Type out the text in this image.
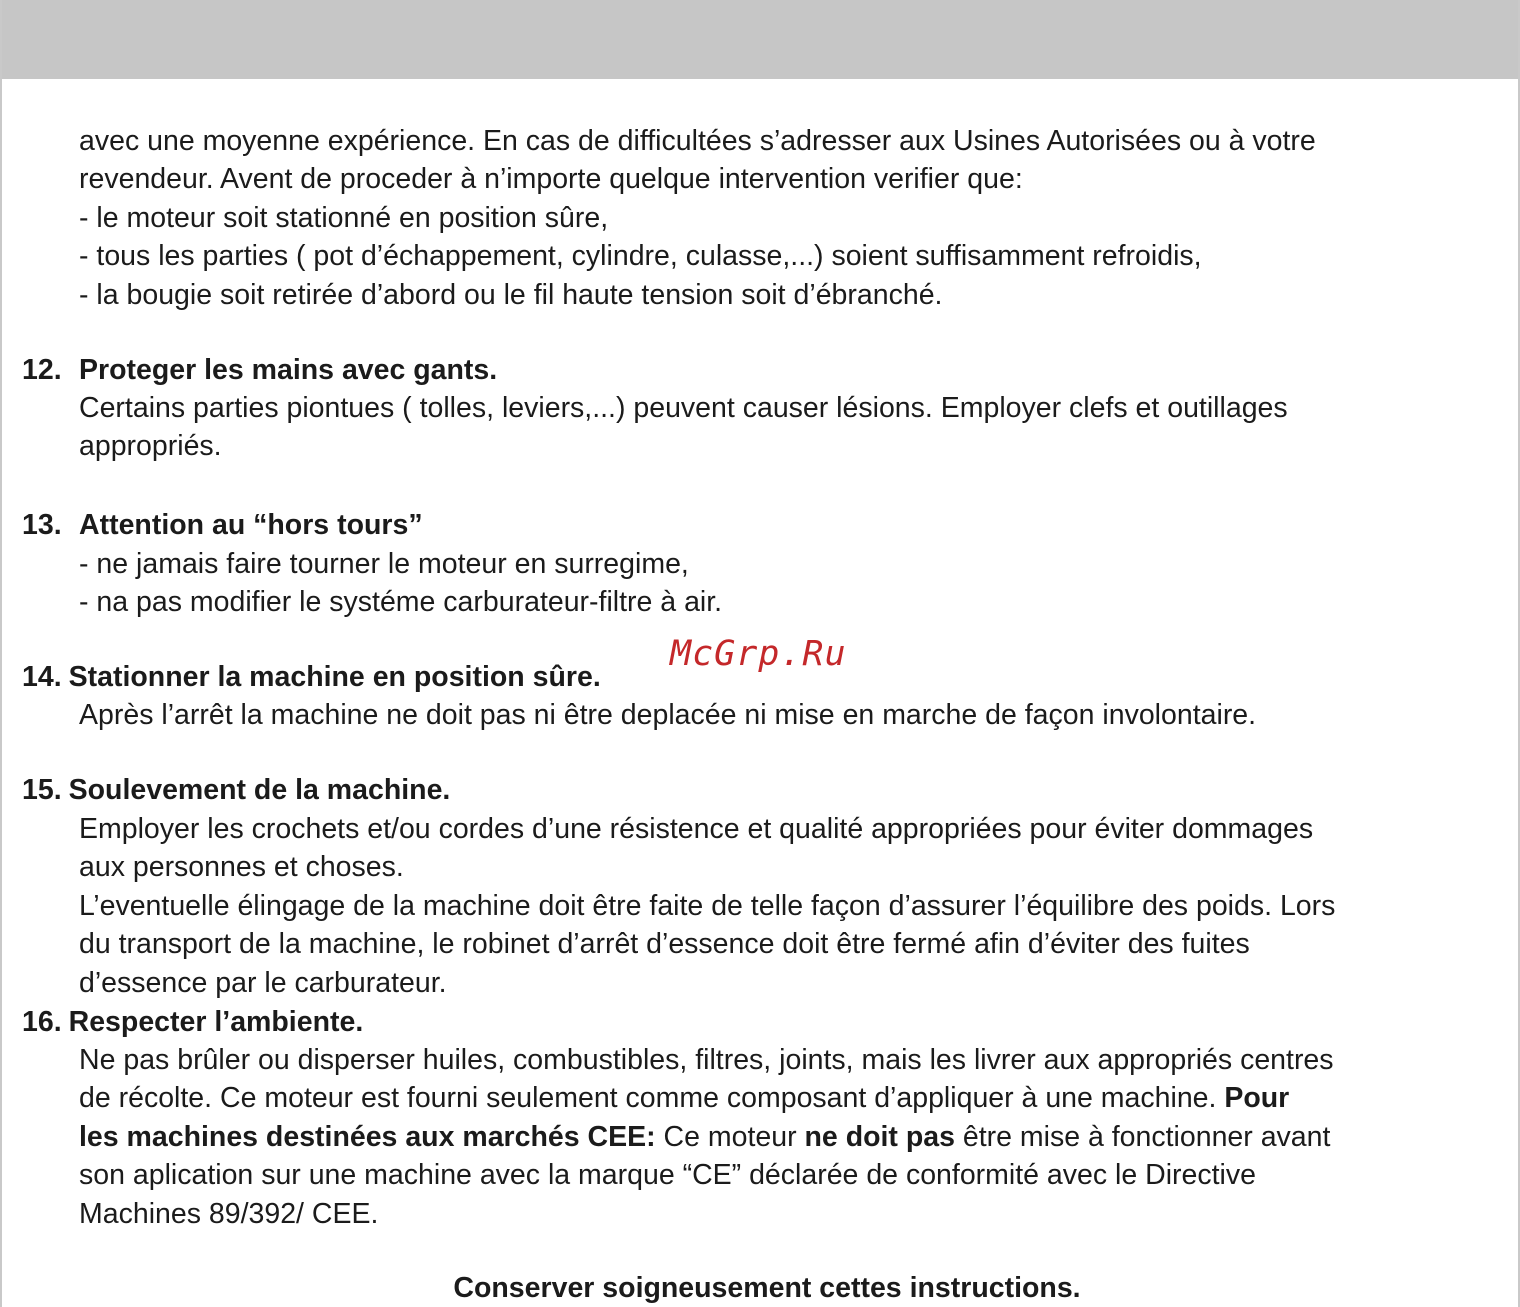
avec une moyenne expérience. En cas de difficultées s’adresser aux Usines Autorisées ou à votre
revendeur. Avent de proceder à n’importe quelque intervention verifier que:
- le moteur soit stationné en position sûre,
- tous les parties ( pot d’échappement, cylindre, culasse,...) soient suffisamment refroidis,
- la bougie soit retirée d’abord ou le fil haute tension soit d’ébranché.
12. Proteger les mains avec gants.
Certains parties piontues ( tolles, leviers,...) peuvent causer lésions. Employer clefs et outillages
appropriés.
13. Attention au “hors tours”
- ne jamais faire tourner le moteur en surregime,
- na pas modifier le systéme carburateur-filtre à air.
14. Stationner la machine en position sûre.
McGrp.Ru
Après l’arrêt la machine ne doit pas ni être deplacée ni mise en marche de façon involontaire.
15. Soulevement de la machine.
Employer les crochets et/ou cordes d’une résistence et qualité appropriées pour éviter dommages
aux personnes et choses.
L’eventuelle élingage de la machine doit être faite de telle façon d’assurer l’équilibre des poids. Lors
du transport de la machine, le robinet d’arrêt d’essence doit être fermé afin d’éviter des fuites
d’essence par le carburateur.
16. Respecter l’ambiente.
Ne pas brûler ou disperser huiles, combustibles, filtres, joints, mais les livrer aux appropriés centres
de récolte. Ce moteur est fourni seulement comme composant d’appliquer à une machine. Pour
les machines destinées aux marchés CEE: Ce moteur ne doit pas être mise à fonctionner avant
son aplication sur une machine avec la marque “CE” déclarée de conformité avec le Directive
Machines 89/392/ CEE.
Conserver soigneusement cettes instructions.
